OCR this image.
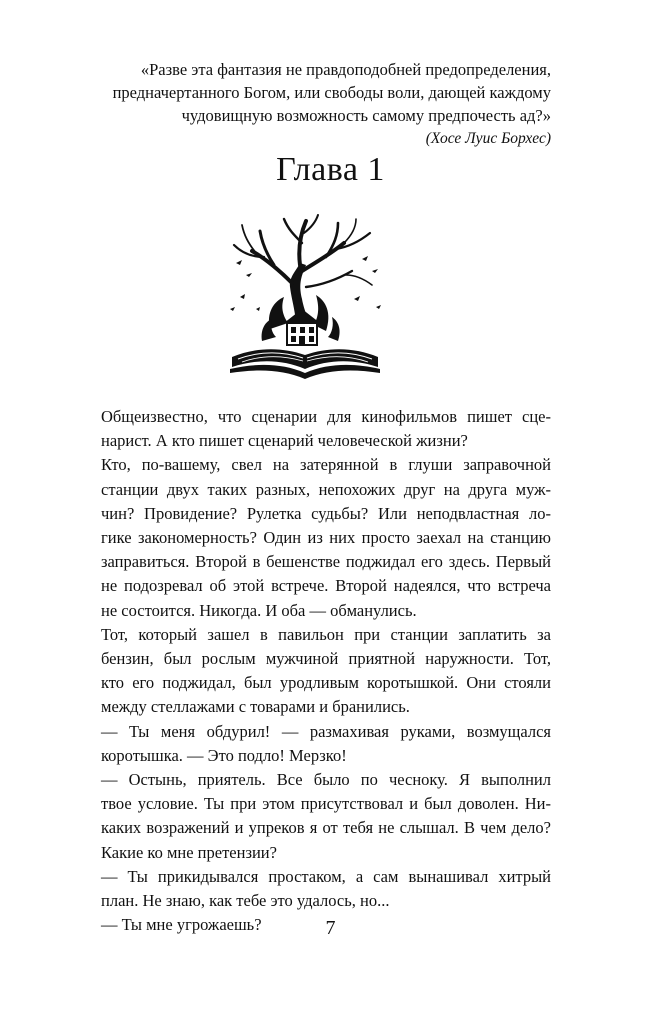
«Разве эта фантазия не правдоподобней предопределения,
предначертанного Богом, или свободы воли, дающей каждому
чудовищную возможность самому предпочесть ад?»
(Хосе Луис Борхес)
Глава 1

Общеизвестно, что сценарии для кинофильмов пишет сце-
нарист. А кто пишет сценарий человеческой жизни?

Кто, по-вашему, свел на затерянной в глуши заправочной
станции двух таких разных, непохожих друг на друга муж-
чин? Провидение? Рулетка судьбы? Или неподвластная ло-
гике закономерность? Один из них просто заехал на станцию
заправиться. Второй в бешенстве поджидал его здесь. Первый
не подозревал об этой встрече. Второй надеялся, что встреча
не состоится. Никогда. И оба — обманулись.

Тот, который зашел в павильон при станции заплатить за
бензин, был рослым мужчиной приятной наружности. Тот,
кто его поджидал, был уродливым коротышкой. Они стояли
между стеллажами с товарами и бранились.

— Ты меня обдурил! — размахивая руками, возмущался
коротышка. — Это подло! Мерзко!

— Остынь, приятель. Все было по чесноку. Я выполнил
твое условие. Ты при этом присутствовал и был доволен. Ни-
каких возражений и упреков я от тебя не слышал. В чем дело?
Какие ко мне претензии?

— Ты прикидывался простаком, а сам вынашивал хитрый
план. Не знаю, как тебе это удалось, но...

— Ты мне угрожаешь?	7
